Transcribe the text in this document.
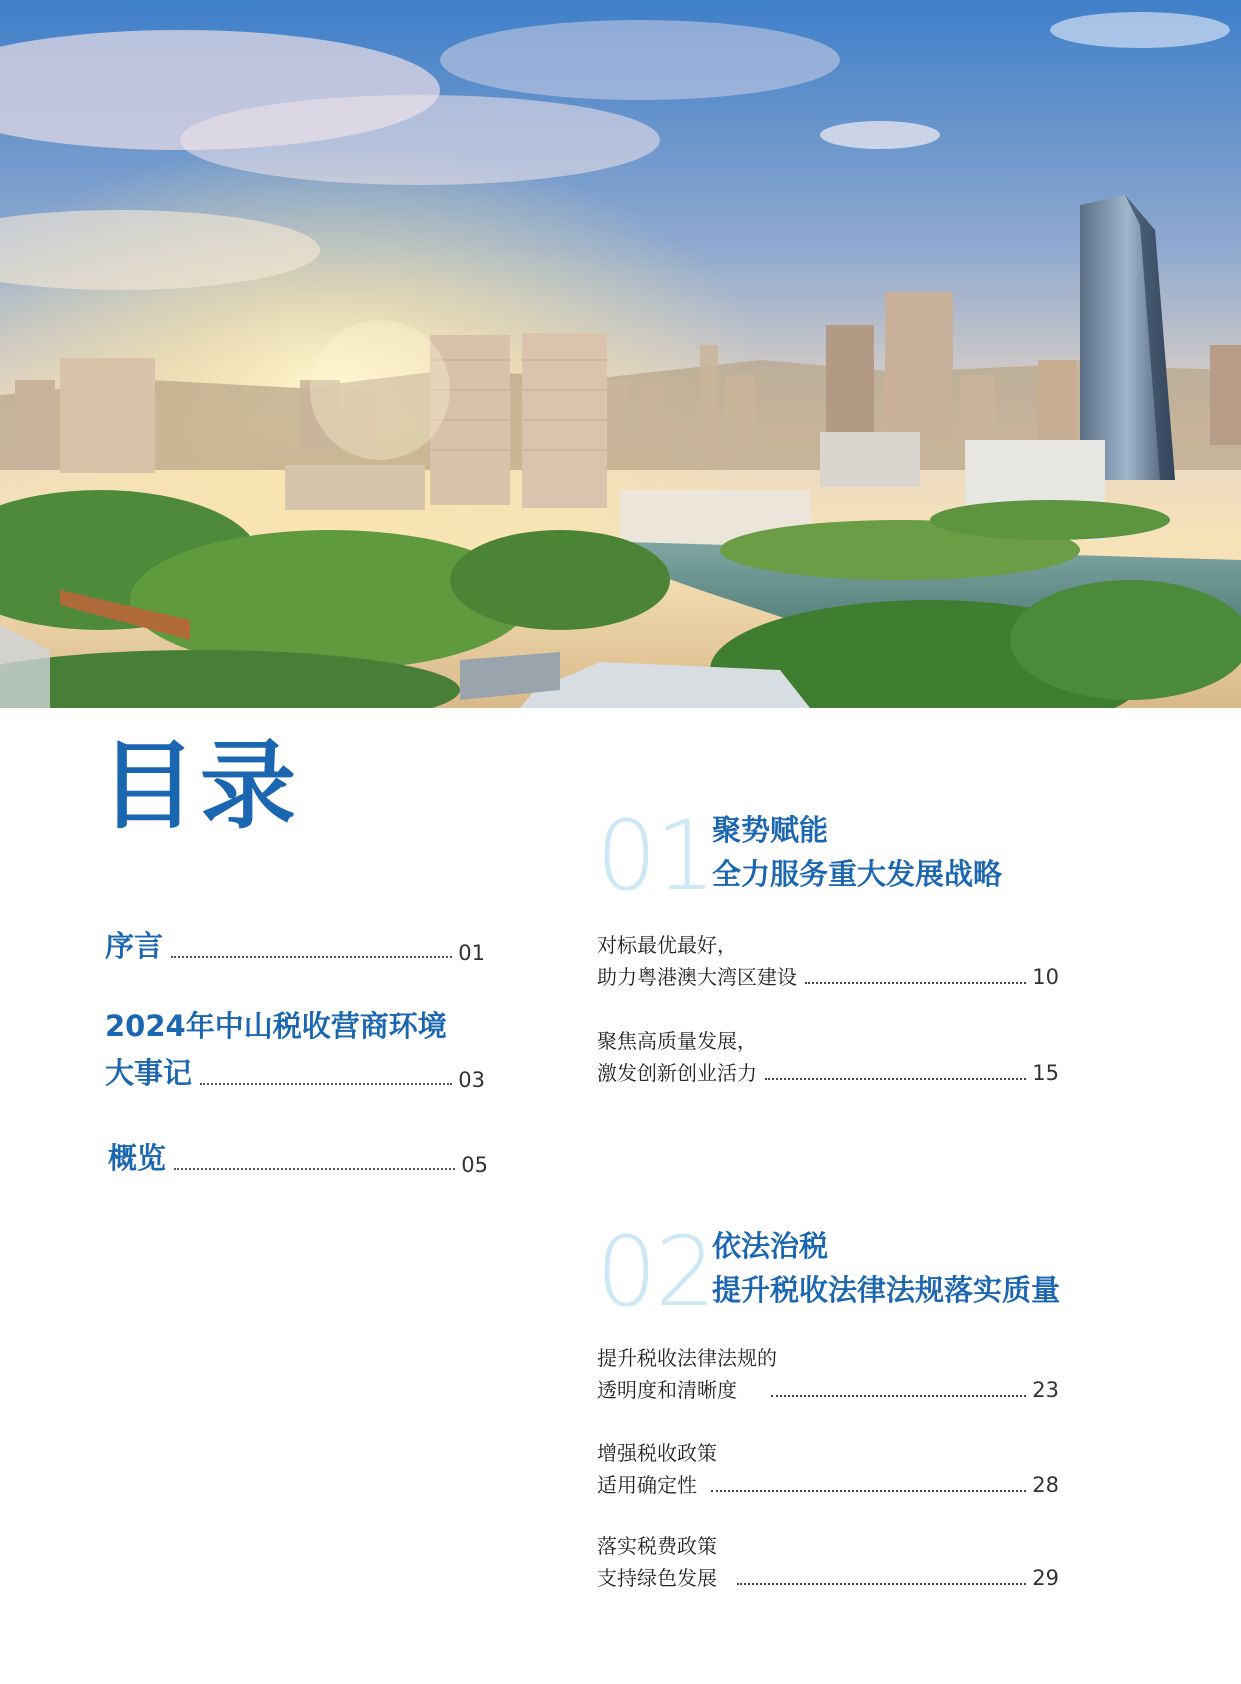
目录
序言	01
2024年中山税收营商环境
大事记	03
概览	05
01
聚势赋能
全力服务重大发展战略
对标最优最好，
助力粤港澳大湾区建设	10
聚焦高质量发展，
激发创新创业活力	15
02
依法治税
提升税收法律法规落实质量
提升税收法律法规的
透明度和清晰度	23
增强税收政策
适用确定性	28
落实税费政策
支持绿色发展	29
